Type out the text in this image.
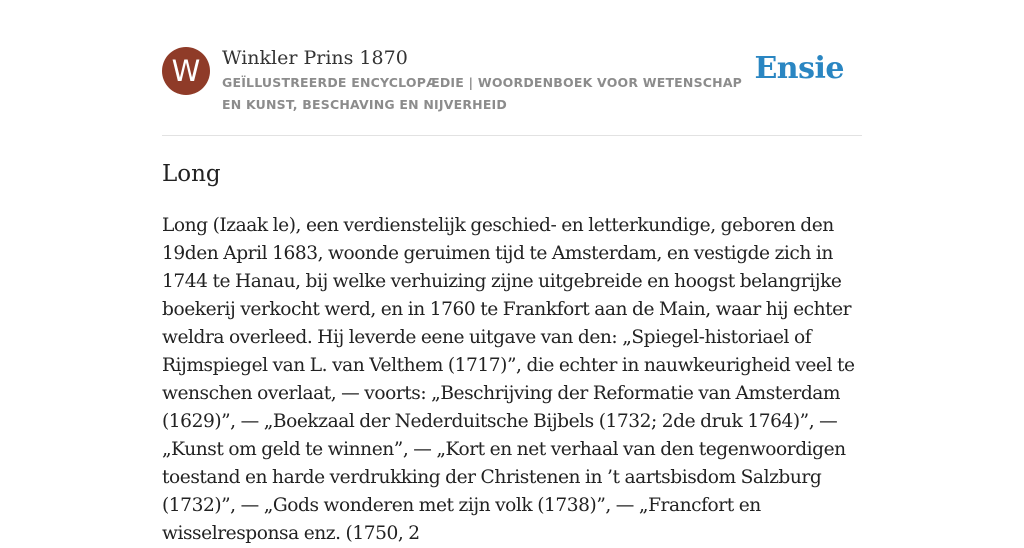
W	Winkler Prins 1870
GEÏLLUSTREERDE ENCYCLOPÆDIE | WOORDENBOEK VOOR WETENSCHAP EN KUNST, BESCHAVING EN NIJVERHEID
Ensie
Long

Long (Izaak le), een verdienstelijk geschied- en letterkundige, geboren den 19den April 1683, woonde geruimen tijd te Amsterdam, en vestigde zich in 1744 te Hanau, bij welke verhuizing zijne uitgebreide en hoogst belangrijke boekerij verkocht werd, en in 1760 te Frankfort aan de Main, waar hij echter weldra overleed. Hij leverde eene uitgave van den: „Spiegel-historiael of Rijmspiegel van L. van Velthem (1717)”, die echter in nauwkeurigheid veel te wenschen overlaat, — voorts: „Beschrijving der Reformatie van Amsterdam (1629)”, — „Boekzaal der Nederduitsche Bijbels (1732; 2de druk 1764)”, — „Kunst om geld te winnen”, — „Kort en net verhaal van den tegenwoordigen toestand en harde verdrukking der Christenen in ’t aartsbisdom Salzburg (1732)”, — „Gods wonderen met zijn volk (1738)”, — „Francfort en wisselresponsa enz. (1750, 2
